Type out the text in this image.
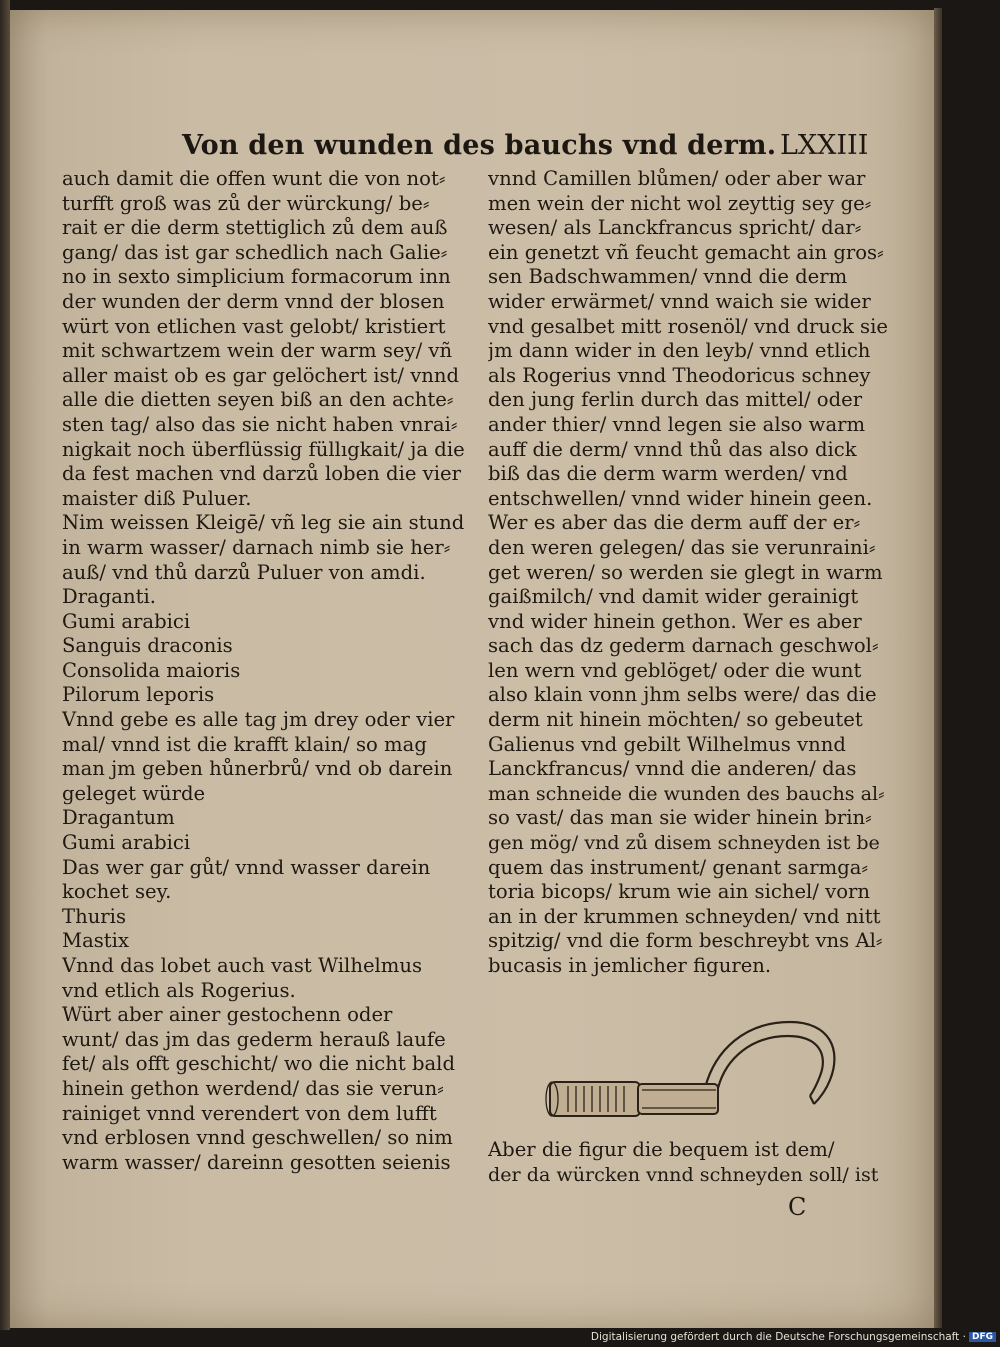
Von den wunden des bauchs vnd derm. LXXIII
auch damit die offen wunt die von not⸗
turfft groß was zů der würckung/ be⸗
rait er die derm stettiglich zů dem auß
gang/ das ist gar schedlich nach Galie⸗
no in sexto simplicium formacorum inn
der wunden der derm vnnd der blosen
würt von etlichen vast gelobt/ kristiert
mit schwartzem wein der warm sey/ vñ
aller maist ob es gar gelöchert ist/ vnnd
alle die dietten seyen biß an den achte⸗
sten tag/ also das sie nicht haben vnrai⸗
nigkait noch überflüssig füllıgkait/ ja die
da fest machen vnd darzů loben die vier
maister diß Puluer.
Nim weissen Kleigē/ vñ leg sie ain stund
in warm wasser/ darnach nimb sie her⸗
auß/ vnd thů darzů Puluer von amdi.
Draganti.
Gumi arabici
Sanguis draconis
Consolida maioris
Pilorum leporis
Vnnd gebe es alle tag jm drey oder vier
mal/ vnnd ist die krafft klain/ so mag
man jm geben hůnerbrů/ vnd ob darein
geleget würde
Dragantum
Gumi arabici
Das wer gar gůt/ vnnd wasser darein
kochet sey.
Thuris
Mastix
Vnnd das lobet auch vast Wilhelmus
vnd etlich als Rogerius.
Würt aber ainer gestochenn oder
wunt/ das jm das gederm herauß laufe
fet/ als offt geschicht/ wo die nicht bald
hinein gethon werdend/ das sie verun⸗
rainiget vnnd verendert von dem lufft
vnd erblosen vnnd geschwellen/ so nim
warm wasser/ dareinn gesotten seienis
vnnd Camillen blůmen/ oder aber war
men wein der nicht wol zeyttig sey ge⸗
wesen/ als Lanckfrancus spricht/ dar⸗
ein genetzt vñ feucht gemacht ain gros⸗
sen Badschwammen/ vnnd die derm
wider erwärmet/ vnnd waich sie wider
vnd gesalbet mitt rosenöl/ vnd druck sie
jm dann wider in den leyb/ vnnd etlich
als Rogerius vnnd Theodoricus schney
den jung ferlin durch das mittel/ oder
ander thier/ vnnd legen sie also warm
auff die derm/ vnnd thů das also dick
biß das die derm warm werden/ vnd
entschwellen/ vnnd wider hinein geen.
Wer es aber das die derm auff der er⸗
den weren gelegen/ das sie verunraini⸗
get weren/ so werden sie glegt in warm
gaißmilch/ vnd damit wider gerainigt
vnd wider hinein gethon. Wer es aber
sach das dz gederm darnach geschwol⸗
len wern vnd geblöget/ oder die wunt
also klain vonn jhm selbs were/ das die
derm nit hinein möchten/ so gebeutet
Galienus vnd gebilt Wilhelmus vnnd
Lanckfrancus/ vnnd die anderen/ das
man schneide die wunden des bauchs al⸗
so vast/ das man sie wider hinein brin⸗
gen mög/ vnd zů disem schneyden ist be
quem das instrument/ genant sarmga⸗
toria bicops/ krum wie ain sichel/ vorn
an in der krummen schneyden/ vnd nitt
spitzig/ vnd die form beschreybt vns Al⸗
bucasis in jemlicher figuren.
Aber die figur die bequem ist dem/
der da würcken vnnd schneyden soll/ ist
C
Digitalisierung gefördert durch die Deutsche Forschungsgemeinschaft · DFG
